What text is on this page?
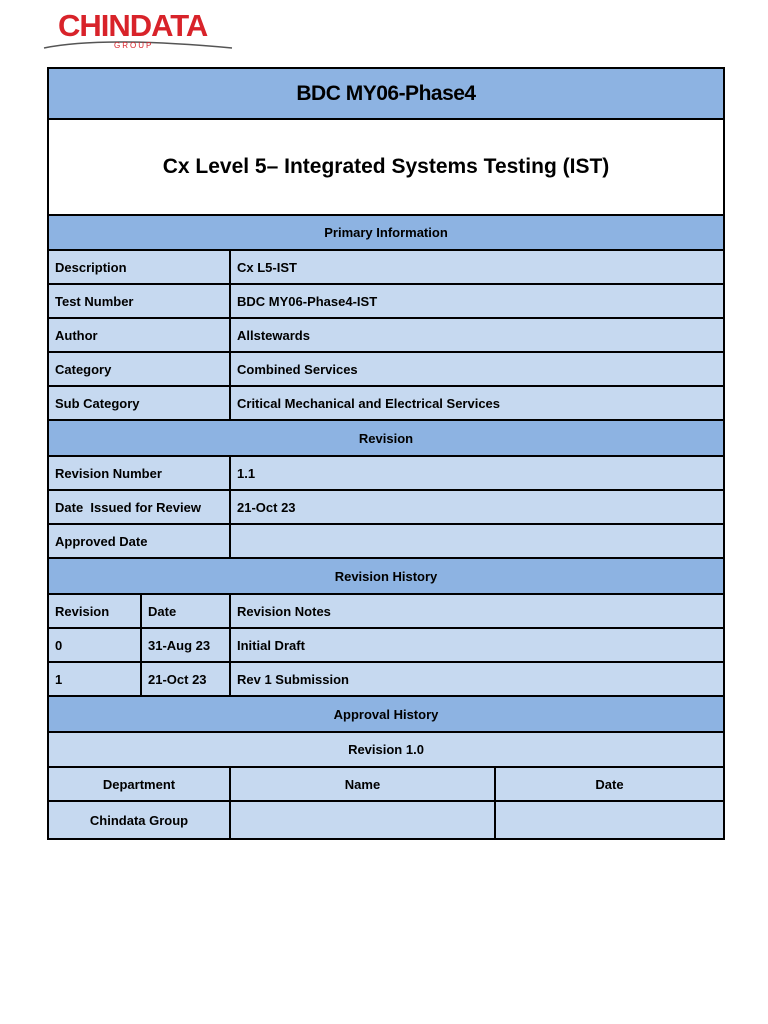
CHINDATA
GROUP
BDC MY06-Phase4
Cx Level 5– Integrated Systems Testing (IST)
Primary Information
Description	Cx L5-IST
Test Number	BDC MY06-Phase4-IST
Author	Allstewards
Category	Combined Services
Sub Category	Critical Mechanical and Electrical Services
Revision
Revision Number	1.1
Date  Issued for Review	21-Oct 23
Approved Date
Revision History
Revision	Date	Revision Notes
0	31-Aug 23	Initial Draft
1	21-Oct 23	Rev 1 Submission
Approval History
Revision 1.0
Department	Name	Date
Chindata Group
